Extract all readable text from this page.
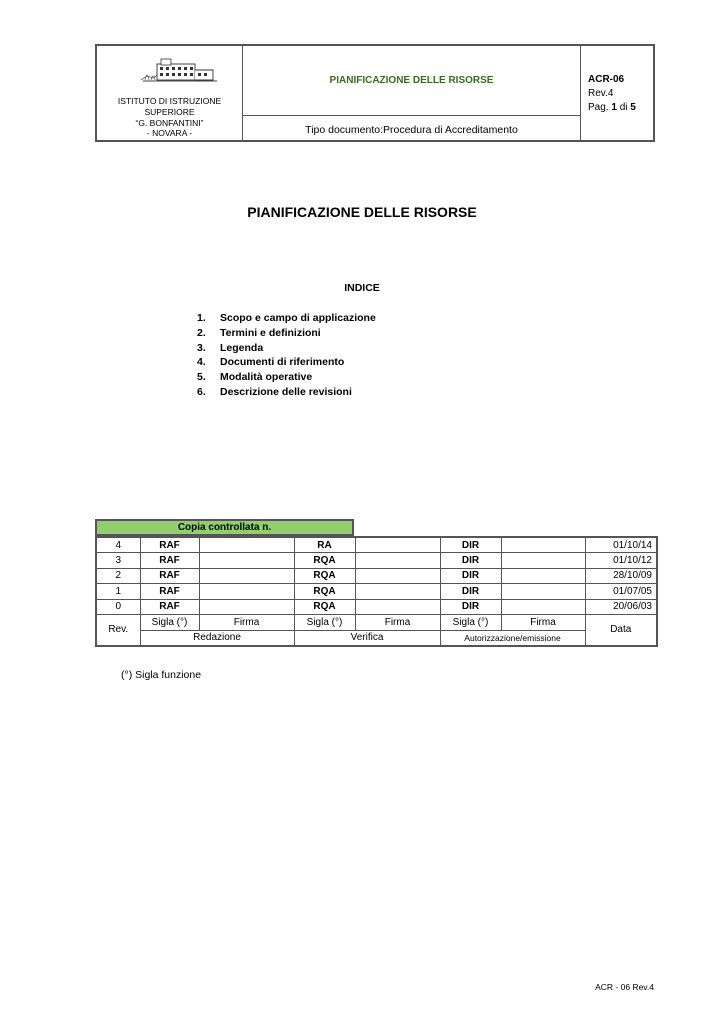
ISTITUTO DI ISTRUZIONE
SUPERIORE
“G. BONFANTINI”
- NOVARA -
PIANIFICAZIONE DELLE RISORSE
Tipo documento:Procedura di Accreditamento
ACR-06
Rev.4
Pag. 1 di 5
PIANIFICAZIONE DELLE RISORSE
INDICE
1.	Scopo e campo di applicazione
2.	Termini e definizioni
3.	Legenda
4.	Documenti di riferimento
5.	Modalità operative
6.	Descrizione delle revisioni
Copia controllata n.
4	RAF		RA		DIR		01/10/14
3	RAF		RQA		DIR		01/10/12
2	RAF		RQA		DIR		28/10/09
1	RAF		RQA		DIR		01/07/05
0	RAF		RQA		DIR		20/06/03
Rev.	Sigla (°)	Firma	Sigla (°)	Firma	Sigla (°)	Firma	Data
	Redazione		Verifica		Autorizzazione/emissione		
(°) Sigla funzione
ACR - 06 Rev.4
